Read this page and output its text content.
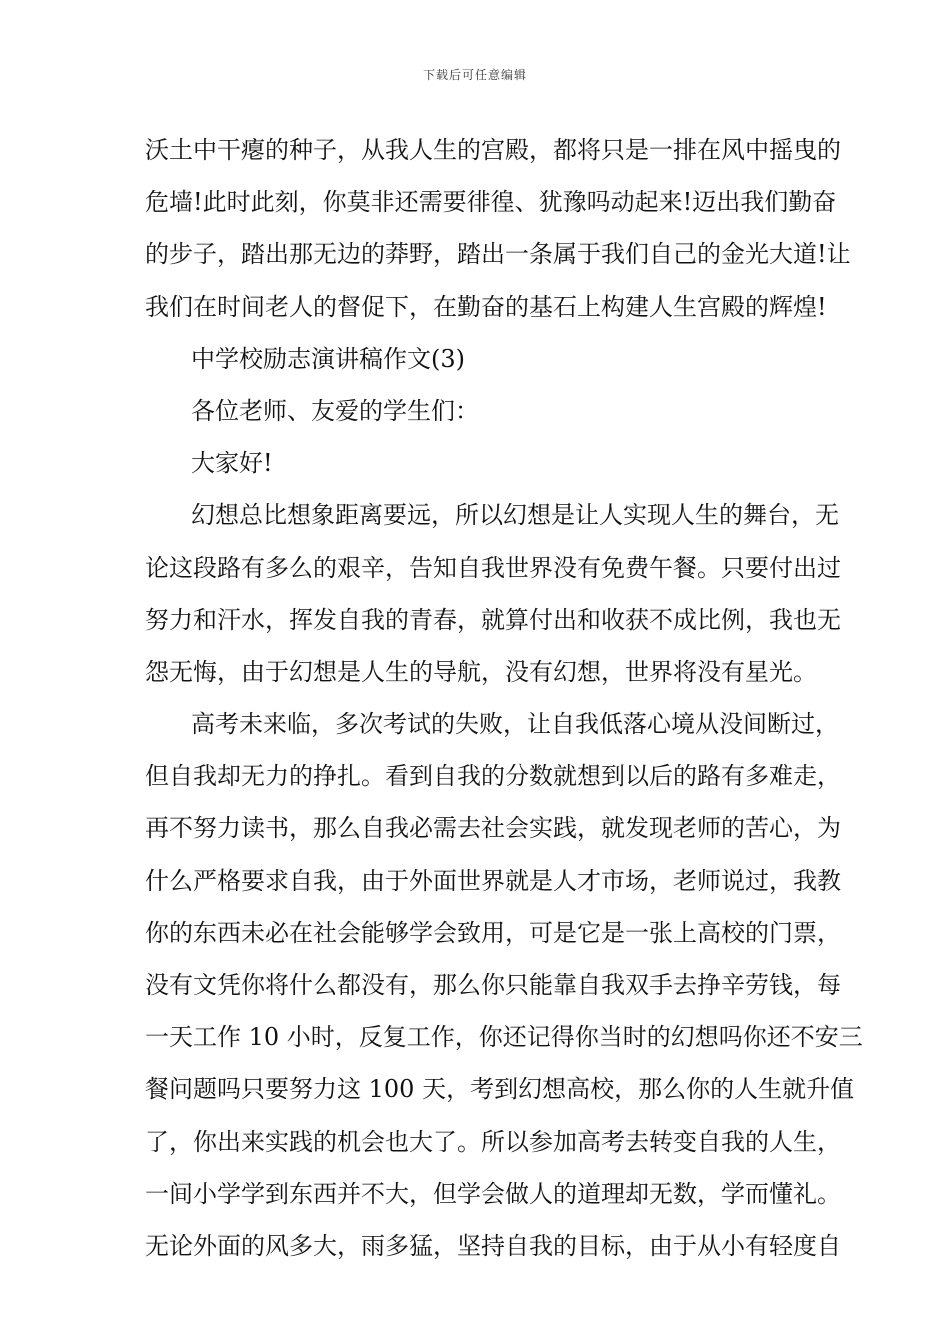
下载后可任意编辑
沃土中干瘪的种子，从我人生的宫殿，都将只是一排在风中摇曳的
危墙!此时此刻，你莫非还需要徘徨、犹豫吗动起来!迈出我们勤奋
的步子，踏出那无边的莽野，踏出一条属于我们自己的金光大道!让
我们在时间老人的督促下，在勤奋的基石上构建人生宫殿的辉煌!
中学校励志演讲稿作文(3)
各位老师、友爱的学生们：
大家好!
幻想总比想象距离要远，所以幻想是让人实现人生的舞台，无
论这段路有多么的艰辛，告知自我世界没有免费午餐。只要付出过
努力和汗水，挥发自我的青春，就算付出和收获不成比例，我也无
怨无悔，由于幻想是人生的导航，没有幻想，世界将没有星光。
高考未来临，多次考试的失败，让自我低落心境从没间断过，
但自我却无力的挣扎。看到自我的分数就想到以后的路有多难走，
再不努力读书，那么自我必需去社会实践，就发现老师的苦心，为
什么严格要求自我，由于外面世界就是人才市场，老师说过，我教
你的东西未必在社会能够学会致用，可是它是一张上高校的门票，
没有文凭你将什么都没有，那么你只能靠自我双手去挣辛劳钱，每
一天工作 10 小时，反复工作，你还记得你当时的幻想吗你还不安三
餐问题吗只要努力这 100 天，考到幻想高校，那么你的人生就升值
了，你出来实践的机会也大了。所以参加高考去转变自我的人生，
一间小学学到东西并不大，但学会做人的道理却无数，学而懂礼。
无论外面的风多大，雨多猛，坚持自我的目标，由于从小有轻度自
